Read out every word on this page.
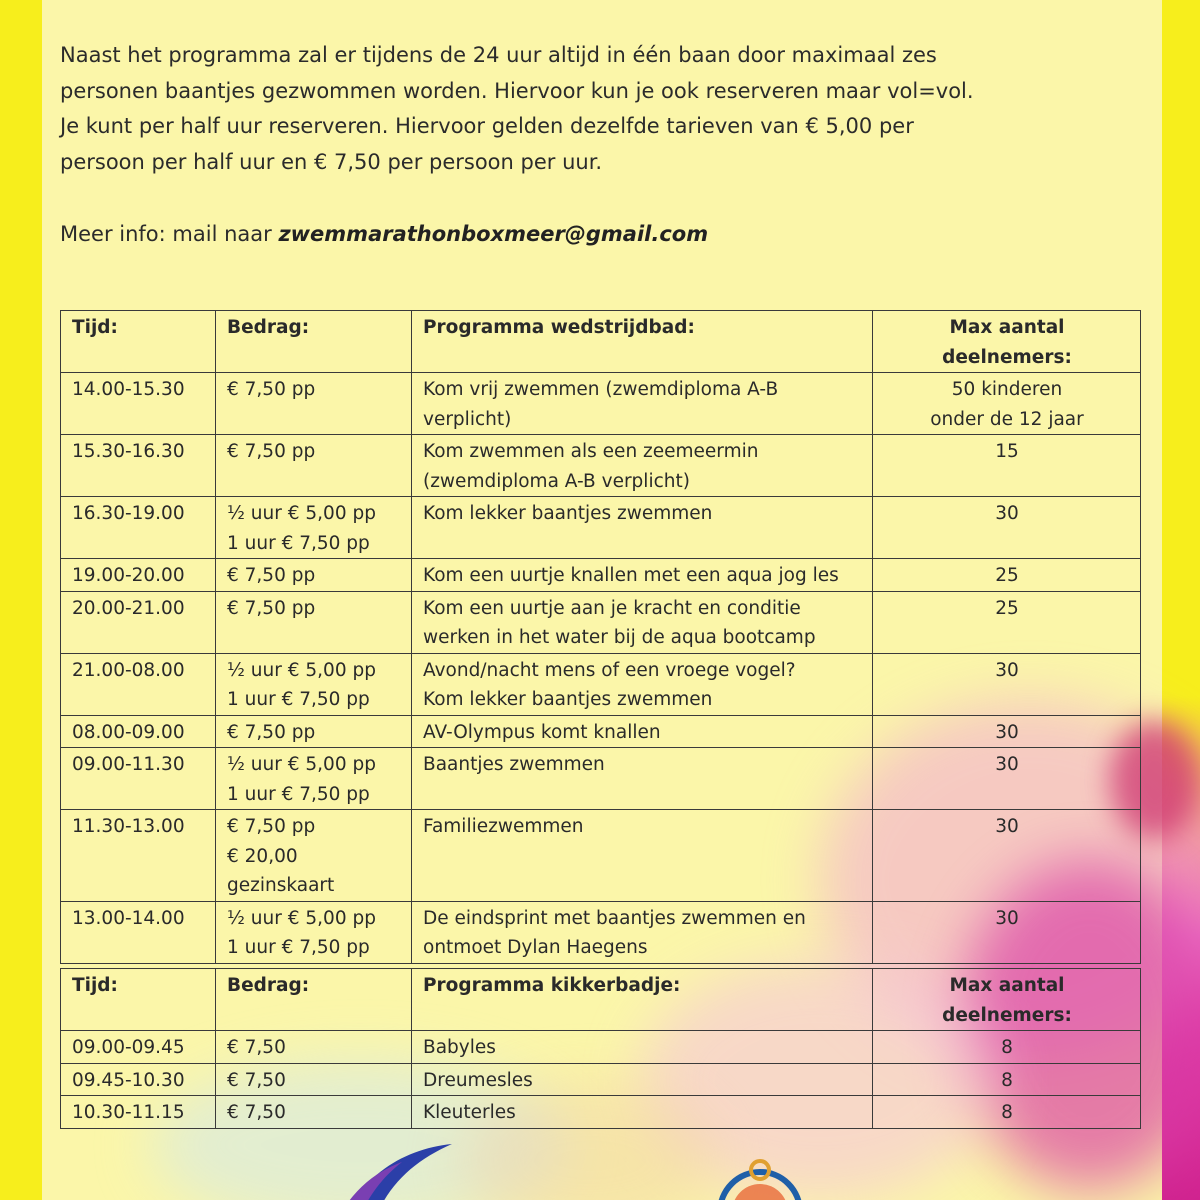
Naast het programma zal er tijdens de 24 uur altijd in één baan door maximaal zes
personen baantjes gezwommen worden. Hiervoor kun je ook reserveren maar vol=vol.
Je kunt per half uur reserveren. Hiervoor gelden dezelfde tarieven van € 5,00 per
persoon per half uur en € 7,50 per persoon per uur.
Meer info: mail naar zwemmarathonboxmeer@gmail.com
Tijd:	Bedrag:	Programma wedstrijdbad:	Max aantal deelnemers:
14.00-15.30	€ 7,50 pp	Kom vrij zwemmen (zwemdiploma A-B
verplicht)	50 kinderen
onder de 12 jaar

15.30-16.30	€ 7,50 pp	Kom zwemmen als een zeemeermin
(zwemdiploma A-B verplicht)	15

16.30-19.00	½ uur € 5,00 pp
1 uur € 7,50 pp	Kom lekker baantjes zwemmen	30

19.00-20.00	€ 7,50 pp	Kom een uurtje knallen met een aqua jog les	25

20.00-21.00	€ 7,50 pp	Kom een uurtje aan je kracht en conditie
werken in het water bij de aqua bootcamp	25

21.00-08.00	½ uur € 5,00 pp
1 uur € 7,50 pp	Avond/nacht mens of een vroege vogel?
Kom lekker baantjes zwemmen	30

08.00-09.00	€ 7,50 pp	AV-Olympus komt knallen	30

09.00-11.30	½ uur € 5,00 pp
1 uur € 7,50 pp	Baantjes zwemmen	30

11.30-13.00	€ 7,50 pp
€ 20,00
gezinskaart	Familiezwemmen	30

13.00-14.00	½ uur € 5,00 pp
1 uur € 7,50 pp	De eindsprint met baantjes zwemmen en
ontmoet Dylan Haegens	30
Tijd:	Bedrag:	Programma kikkerbadje:	Max aantal deelnemers:
09.00-09.45	€ 7,50	Babyles	8

09.45-10.30	€ 7,50	Dreumesles	8

10.30-11.15	€ 7,50	Kleuterles	8
